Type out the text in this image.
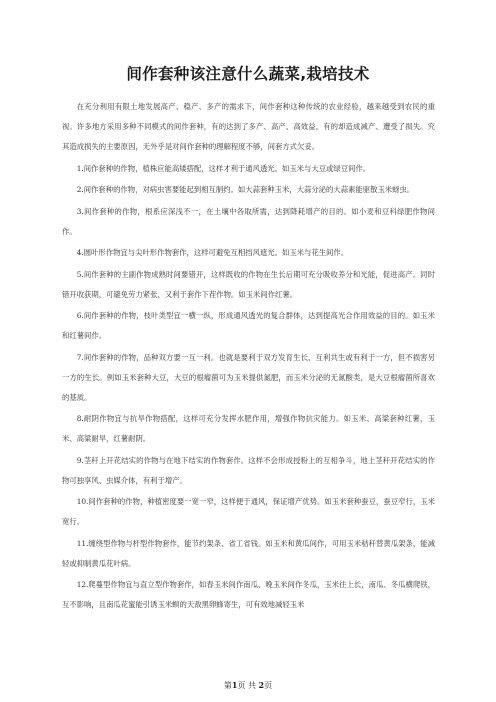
间作套种该注意什么蔬菜,栽培技术

在充分利用有限土地发展高产、稳产、多产的需求下，间作套种这种传统的农业经验，越来越受到农民的重视。许多地方采用多种不同模式的间作套种，有的达到了多产、高产、高效益，有的却造成减产、遭受了损失。究其造成损失的主要原因，无外乎是对间作套种的理解程度不够，间套方式欠妥。

1.间作套种的作物，植株应能高矮搭配，这样才利于通风透光。如玉米与大豆或绿豆间作。

2.间作套种的作物，对病虫害要能起到相互制约。如大蒜套种玉米，大蒜分泌的大蒜素能驱散玉米蚜虫。

3.间作套种的作物，根系应深浅不一，在土壤中各取所需，达到降耗增产的目的。如小麦和豆科绿肥作物间作。

4.圆叶形作物宜与尖叶形作物套作，这样可避免互相挡风遮光。如玉米与花生间作。

5.间作套种的主副作物成熟时间要错开，这样既收的作物在生长后期可充分吸收养分和光能，促进高产。同时错开收获期，可避免劳力紧张，又利于套作下茬作物。如玉米间作红薯。

6.间作套种的作物，枝叶类型宜一横一纵，形成通风透光的复合群体，达到提高光合作用效益的目的。如玉米和红薯间作。

7.间作套种的作物，品种双方要一互一利。也就是要利于双方发育生长、互利共生或有利于一方，但不损害另一方的生长。例如玉米套种大豆，大豆的根瘤菌可为玉米提供氮肥，而玉米分泌的无氮酸类，是大豆根瘤菌所喜欢的基质。

8.耐阴作物宜与抗旱作物搭配，这样可充分发挥水肥作用，增强作物抗灾能力。如玉米、高粱套种红薯，玉米、高粱耐旱，红薯耐阴。

9.茎秆上开花结实的作物与在地下结实的作物套作。这样不会形成授粉上的互相争斗，地上茎秆开花结实的作物可独享风、虫媒介体，有利于增产。

10.间作套种的作物，种植密度要一宽一窄，这样便于通风，保证增产优势。如玉米套种蚕豆，蚕豆窄行，玉米宽行。

11.缠绕型作物与杆型作物套作，能节约架条、省工省钱。如玉米和黄瓜间作，可用玉米秸秆替黄瓜架条，能减轻或抑制黄瓜花叶病。

12.爬蔓型作物宜与直立型作物套作，如春玉米间作南瓜、晚玉米间作冬瓜，玉米往上长，南瓜、冬瓜横爬铁，互不影响，且南瓜花蜜能引诱玉米螟的天敌黑卵蜂寄生，可有效地减轻玉米

第1页 共 2页
